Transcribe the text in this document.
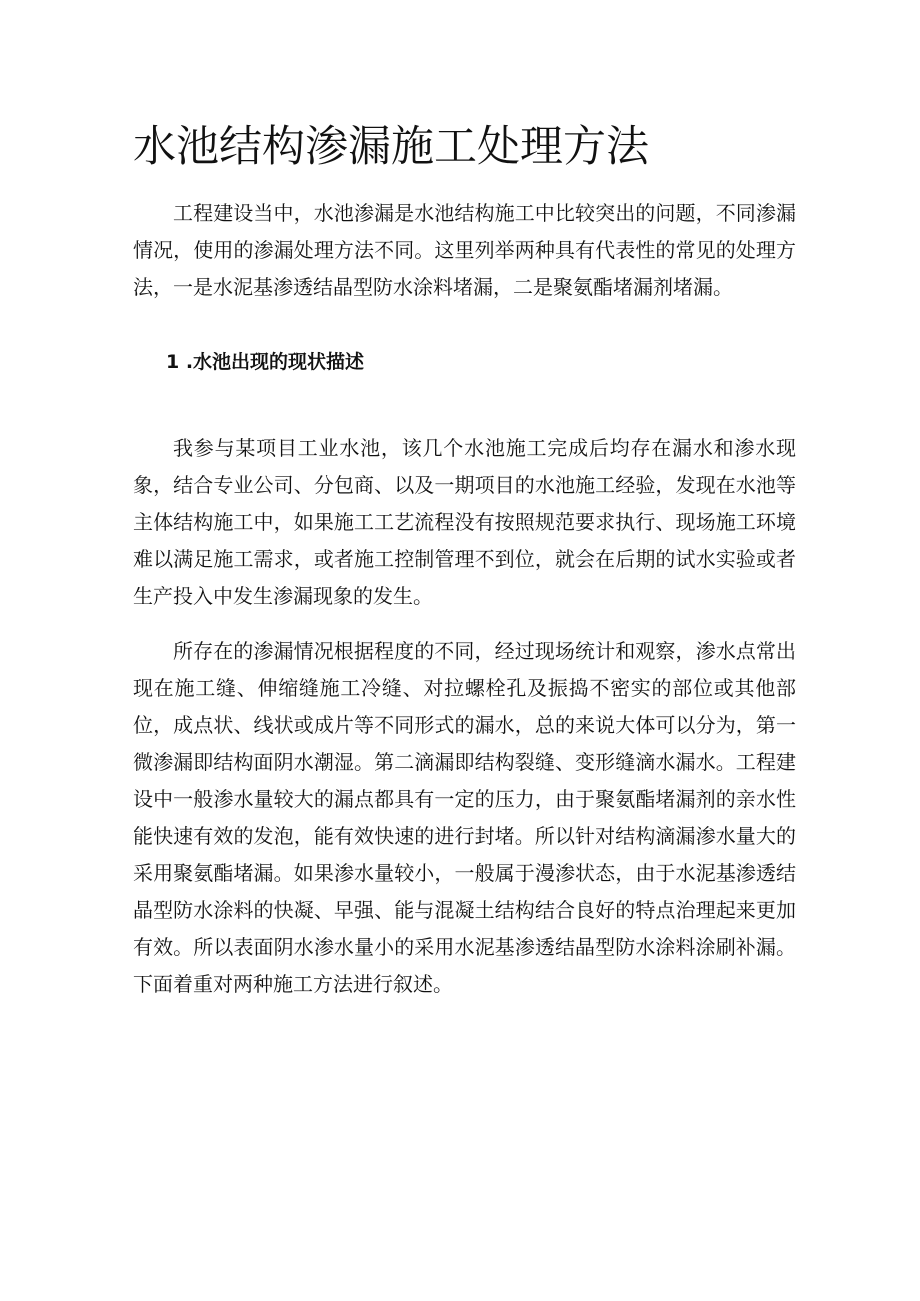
水池结构渗漏施工处理方法

工程建设当中，水池渗漏是水池结构施工中比较突出的问题，不同渗漏情况，使用的渗漏处理方法不同。这里列举两种具有代表性的常见的处理方法，一是水泥基渗透结晶型防水涂料堵漏，二是聚氨酯堵漏剂堵漏。

1 .水池出现的现状描述

我参与某项目工业水池，该几个水池施工完成后均存在漏水和渗水现象，结合专业公司、分包商、以及一期项目的水池施工经验，发现在水池等主体结构施工中，如果施工工艺流程没有按照规范要求执行、现场施工环境难以满足施工需求，或者施工控制管理不到位，就会在后期的试水实验或者生产投入中发生渗漏现象的发生。

所存在的渗漏情况根据程度的不同，经过现场统计和观察，渗水点常出现在施工缝、伸缩缝施工冷缝、对拉螺栓孔及振捣不密实的部位或其他部位，成点状、线状或成片等不同形式的漏水，总的来说大体可以分为，第一微渗漏即结构面阴水潮湿。第二滴漏即结构裂缝、变形缝滴水漏水。工程建设中一般渗水量较大的漏点都具有一定的压力，由于聚氨酯堵漏剂的亲水性能快速有效的发泡，能有效快速的进行封堵。所以针对结构滴漏渗水量大的采用聚氨酯堵漏。如果渗水量较小，一般属于漫渗状态，由于水泥基渗透结晶型防水涂料的快凝、早强、能与混凝土结构结合良好的特点治理起来更加有效。所以表面阴水渗水量小的采用水泥基渗透结晶型防水涂料涂刷补漏。下面着重对两种施工方法进行叙述。
